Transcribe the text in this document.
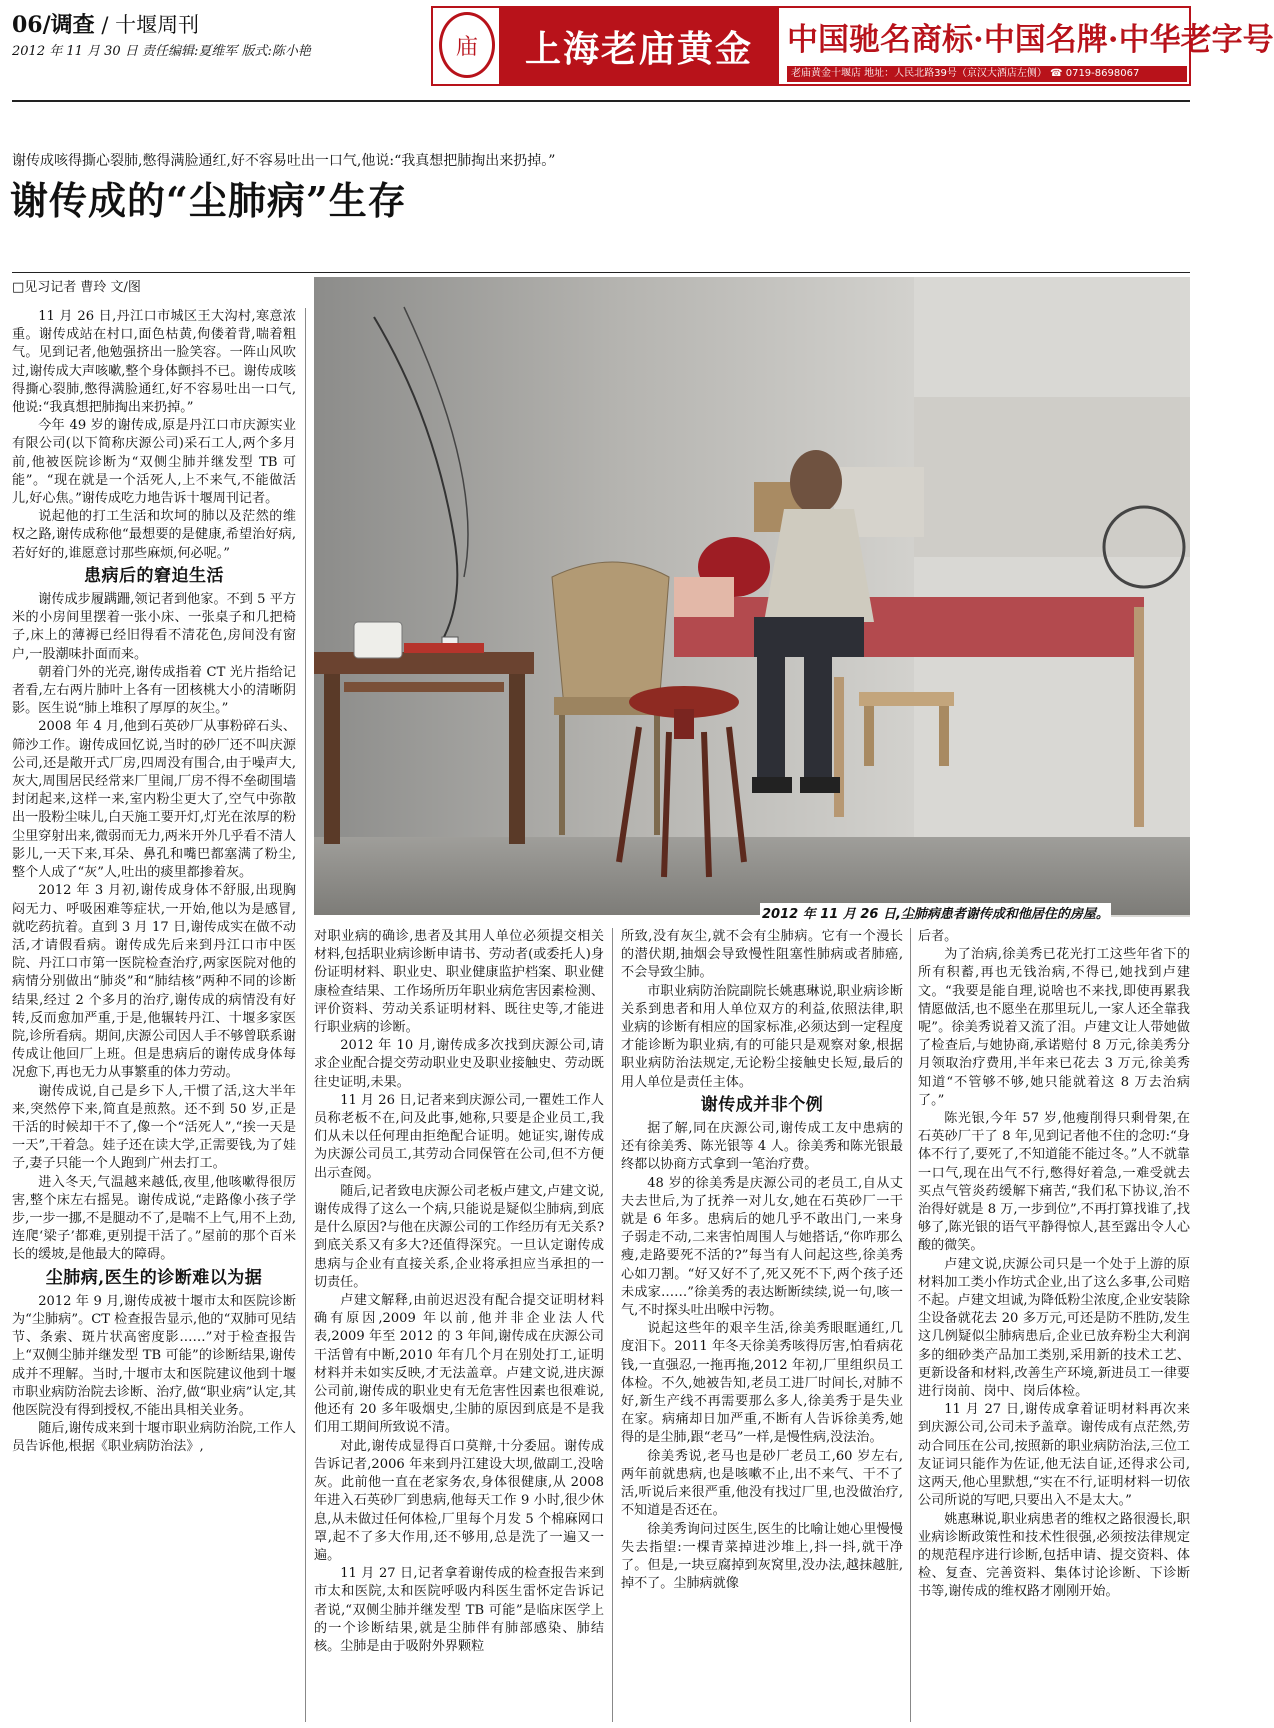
06/调查 / 十堰周刊
2012 年 11 月 30 日 责任编辑:夏维军 版式:陈小艳	庙	上海老庙黄金	中国驰名商标·中国名牌·中华老字号
老庙黄金十堰店 地址：人民北路39号（京汉大酒店左侧） ☎ 0719-8698067
谢传成咳得撕心裂肺,憋得满脸通红,好不容易吐出一口气,他说:“我真想把肺掏出来扔掉。”
谢传成的“尘肺病”生存
□见习记者 曹玲 文/图
2012 年 11 月 26 日,尘肺病患者谢传成和他居住的房屋。

11 月 26 日,丹江口市城区王大沟村,寒意浓重。谢传成站在村口,面色枯黄,佝偻着背,喘着粗气。见到记者,他勉强挤出一脸笑容。一阵山风吹过,谢传成大声咳嗽,整个身体颤抖不已。谢传成咳得撕心裂肺,憋得满脸通红,好不容易吐出一口气,他说:“我真想把肺掏出来扔掉。”

今年 49 岁的谢传成,原是丹江口市庆源实业有限公司(以下简称庆源公司)采石工人,两个多月前,他被医院诊断为“双侧尘肺并继发型 TB 可能”。“现在就是一个活死人,上不来气,不能做活儿,好心焦。”谢传成吃力地告诉十堰周刊记者。

说起他的打工生活和坎坷的肺以及茫然的维权之路,谢传成称他“最想要的是健康,希望治好病,若好好的,谁愿意讨那些麻烦,何必呢。”

患病后的窘迫生活

谢传成步履蹒跚,领记者到他家。不到 5 平方米的小房间里摆着一张小床、一张桌子和几把椅子,床上的薄褥已经旧得看不清花色,房间没有窗户,一股潮味扑面而来。

朝着门外的光亮,谢传成指着 CT 光片指给记者看,左右两片肺叶上各有一团核桃大小的清晰阴影。医生说“肺上堆积了厚厚的灰尘。”

2008 年 4 月,他到石英砂厂从事粉碎石头、筛沙工作。谢传成回忆说,当时的砂厂还不叫庆源公司,还是敞开式厂房,四周没有围合,由于噪声大,灰大,周围居民经常来厂里闹,厂房不得不垒砌围墙封闭起来,这样一来,室内粉尘更大了,空气中弥散出一股粉尘味儿,白天施工要开灯,灯光在浓厚的粉尘里穿射出来,微弱而无力,两米开外几乎看不清人影儿,一天下来,耳朵、鼻孔和嘴巴都塞满了粉尘,整个人成了“灰”人,吐出的痰里都掺着灰。

2012 年 3 月初,谢传成身体不舒服,出现胸闷无力、呼吸困难等症状,一开始,他以为是感冒,就吃药抗着。直到 3 月 17 日,谢传成实在做不动活,才请假看病。谢传成先后来到丹江口市中医院、丹江口市第一医院检查治疗,两家医院对他的病情分别做出“肺炎”和“肺结核”两种不同的诊断结果,经过 2 个多月的治疗,谢传成的病情没有好转,反而愈加严重,于是,他辗转丹江、十堰多家医院,诊所看病。期间,庆源公司因人手不够曾联系谢传成让他回厂上班。但是患病后的谢传成身体每况愈下,再也无力从事繁重的体力劳动。

谢传成说,自己是乡下人,干惯了活,这大半年来,突然停下来,简直是煎熬。还不到 50 岁,正是干活的时候却干不了,像一个“活死人”,“挨一天是一天”,干着急。娃子还在读大学,正需要钱,为了娃子,妻子只能一个人跑到广州去打工。

进入冬天,气温越来越低,夜里,他咳嗽得很厉害,整个床左右摇晃。谢传成说,“走路像小孩子学步,一步一挪,不是腿动不了,是喘不上气,用不上劲,连爬‘梁子’都难,更别提干活了。”屋前的那个百米长的缓坡,是他最大的障碍。

尘肺病,医生的诊断难以为据

2012 年 9 月,谢传成被十堰市太和医院诊断为“尘肺病”。CT 检查报告显示,他的“双肺可见结节、条索、斑片状高密度影……”对于检查报告上“双侧尘肺并继发型 TB 可能”的诊断结果,谢传成并不理解。当时,十堰市太和医院建议他到十堰市职业病防治院去诊断、治疗,做“职业病”认定,其他医院没有得到授权,不能出具相关业务。

随后,谢传成来到十堰市职业病防治院,工作人员告诉他,根据《职业病防治法》,

对职业病的确诊,患者及其用人单位必须提交相关材料,包括职业病诊断申请书、劳动者(或委托人)身份证明材料、职业史、职业健康监护档案、职业健康检查结果、工作场所历年职业病危害因素检测、评价资料、劳动关系证明材料、既往史等,才能进行职业病的诊断。

2012 年 10 月,谢传成多次找到庆源公司,请求企业配合提交劳动职业史及职业接触史、劳动既往史证明,未果。

11 月 26 日,记者来到庆源公司,一瞿姓工作人员称老板不在,问及此事,她称,只要是企业员工,我们从未以任何理由拒绝配合证明。她证实,谢传成为庆源公司员工,其劳动合同保管在公司,但不方便出示查阅。

随后,记者致电庆源公司老板卢建文,卢建文说,谢传成得了这么一个病,只能说是疑似尘肺病,到底是什么原因?与他在庆源公司的工作经历有无关系?到底关系又有多大?还值得深究。一旦认定谢传成患病与企业有直接关系,企业将承担应当承担的一切责任。

卢建文解释,由前迟迟没有配合提交证明材料确有原因,2009 年以前,他并非企业法人代表,2009 年至 2012 的 3 年间,谢传成在庆源公司干活曾有中断,2010 年有几个月在别处打工,证明材料并未如实反映,才无法盖章。卢建文说,进庆源公司前,谢传成的职业史有无危害性因素也很难说,他还有 20 多年吸烟史,尘肺的原因到底是不是我们用工期间所致说不清。

对此,谢传成显得百口莫辩,十分委屈。谢传成告诉记者,2006 年来到丹江建设大坝,做副工,没啥灰。此前他一直在老家务农,身体很健康,从 2008 年进入石英砂厂到患病,他每天工作 9 小时,很少休息,从未做过任何体检,厂里每个月发 5 个棉麻网口罩,起不了多大作用,还不够用,总是洗了一遍又一遍。

11 月 27 日,记者拿着谢传成的检查报告来到市太和医院,太和医院呼吸内科医生雷怀定告诉记者说,“双侧尘肺并继发型 TB 可能”是临床医学上的一个诊断结果,就是尘肺伴有肺部感染、肺结核。尘肺是由于吸附外界颗粒

所致,没有灰尘,就不会有尘肺病。它有一个漫长的潜伏期,抽烟会导致慢性阻塞性肺病或者肺癌,不会导致尘肺。

市职业病防治院副院长姚惠琳说,职业病诊断关系到患者和用人单位双方的利益,依照法律,职业病的诊断有相应的国家标准,必须达到一定程度才能诊断为职业病,有的可能只是观察对象,根据职业病防治法规定,无论粉尘接触史长短,最后的用人单位是责任主体。

谢传成并非个例

据了解,同在庆源公司,谢传成工友中患病的还有徐美秀、陈光银等 4 人。徐美秀和陈光银最终都以协商方式拿到一笔治疗费。

48 岁的徐美秀是庆源公司的老员工,自从丈夫去世后,为了抚养一对儿女,她在石英砂厂一干就是 6 年多。患病后的她几乎不敢出门,一来身子弱走不动,二来害怕周围人与她搭话,“你咋那么瘦,走路要死不活的?”每当有人问起这些,徐美秀心如刀割。“好又好不了,死又死不下,两个孩子还未成家……”徐美秀的表达断断续续,说一句,咳一气,不时探头吐出喉中污物。

说起这些年的艰辛生活,徐美秀眼眶通红,几度泪下。2011 年冬天徐美秀咳得厉害,怕看病花钱,一直强忍,一拖再拖,2012 年初,厂里组织员工体检。不久,她被告知,老员工进厂时间长,对肺不好,新生产线不再需要那么多人,徐美秀于是失业在家。病痛却日加严重,不断有人告诉徐美秀,她得的是尘肺,跟“老马”一样,是慢性病,没法治。

徐美秀说,老马也是砂厂老员工,60 岁左右,两年前就患病,也是咳嗽不止,出不来气、干不了活,听说后来很严重,他没有找过厂里,也没做治疗,不知道是否还在。

徐美秀询问过医生,医生的比喻让她心里慢慢失去指望:一棵青菜掉进沙堆上,抖一抖,就干净了。但是,一块豆腐掉到灰窝里,没办法,越抹越脏,掉不了。尘肺病就像

后者。

为了治病,徐美秀已花光打工这些年省下的所有积蓄,再也无钱治病,不得已,她找到卢建文。“我要是能自理,说啥也不来找,即使再累我情愿做活,也不愿坐在那里玩儿,一家人还全靠我呢”。徐美秀说着又流了泪。卢建文让人带她做了检查后,与她协商,承诺赔付 8 万元,徐美秀分月领取治疗费用,半年来已花去 3 万元,徐美秀知道“不管够不够,她只能就着这 8 万去治病了。”

陈光银,今年 57 岁,他瘦削得只剩骨架,在石英砂厂干了 8 年,见到记者他不住的念叨:“身体不行了,要死了,不知道能不能过冬。”人不就靠一口气,现在出气不行,憋得好着急,一难受就去买点气管炎药缓解下痛苦,“我们私下协议,治不治得好就是 8 万,一步到位”,不再打算找谁了,找够了,陈光银的语气平静得惊人,甚至露出令人心酸的微笑。

卢建文说,庆源公司只是一个处于上游的原材料加工类小作坊式企业,出了这么多事,公司赔不起。卢建文坦诚,为降低粉尘浓度,企业安装除尘设备就花去 20 多万元,可还是防不胜防,发生这几例疑似尘肺病患后,企业已放弃粉尘大利润多的细砂类产品加工类别,采用新的技术工艺、更新设备和材料,改善生产环境,新进员工一律要进行岗前、岗中、岗后体检。

11 月 27 日,谢传成拿着证明材料再次来到庆源公司,公司未予盖章。谢传成有点茫然,劳动合同压在公司,按照新的职业病防治法,三位工友证词只能作为佐证,他无法自证,还得求公司,这两天,他心里默想,“实在不行,证明材料一切依公司所说的写吧,只要出入不是太大。”

姚惠琳说,职业病患者的维权之路很漫长,职业病诊断政策性和技术性很强,必须按法律规定的规范程序进行诊断,包括申请、提交资料、体检、复查、完善资料、集体讨论诊断、下诊断书等,谢传成的维权路才刚刚开始。
